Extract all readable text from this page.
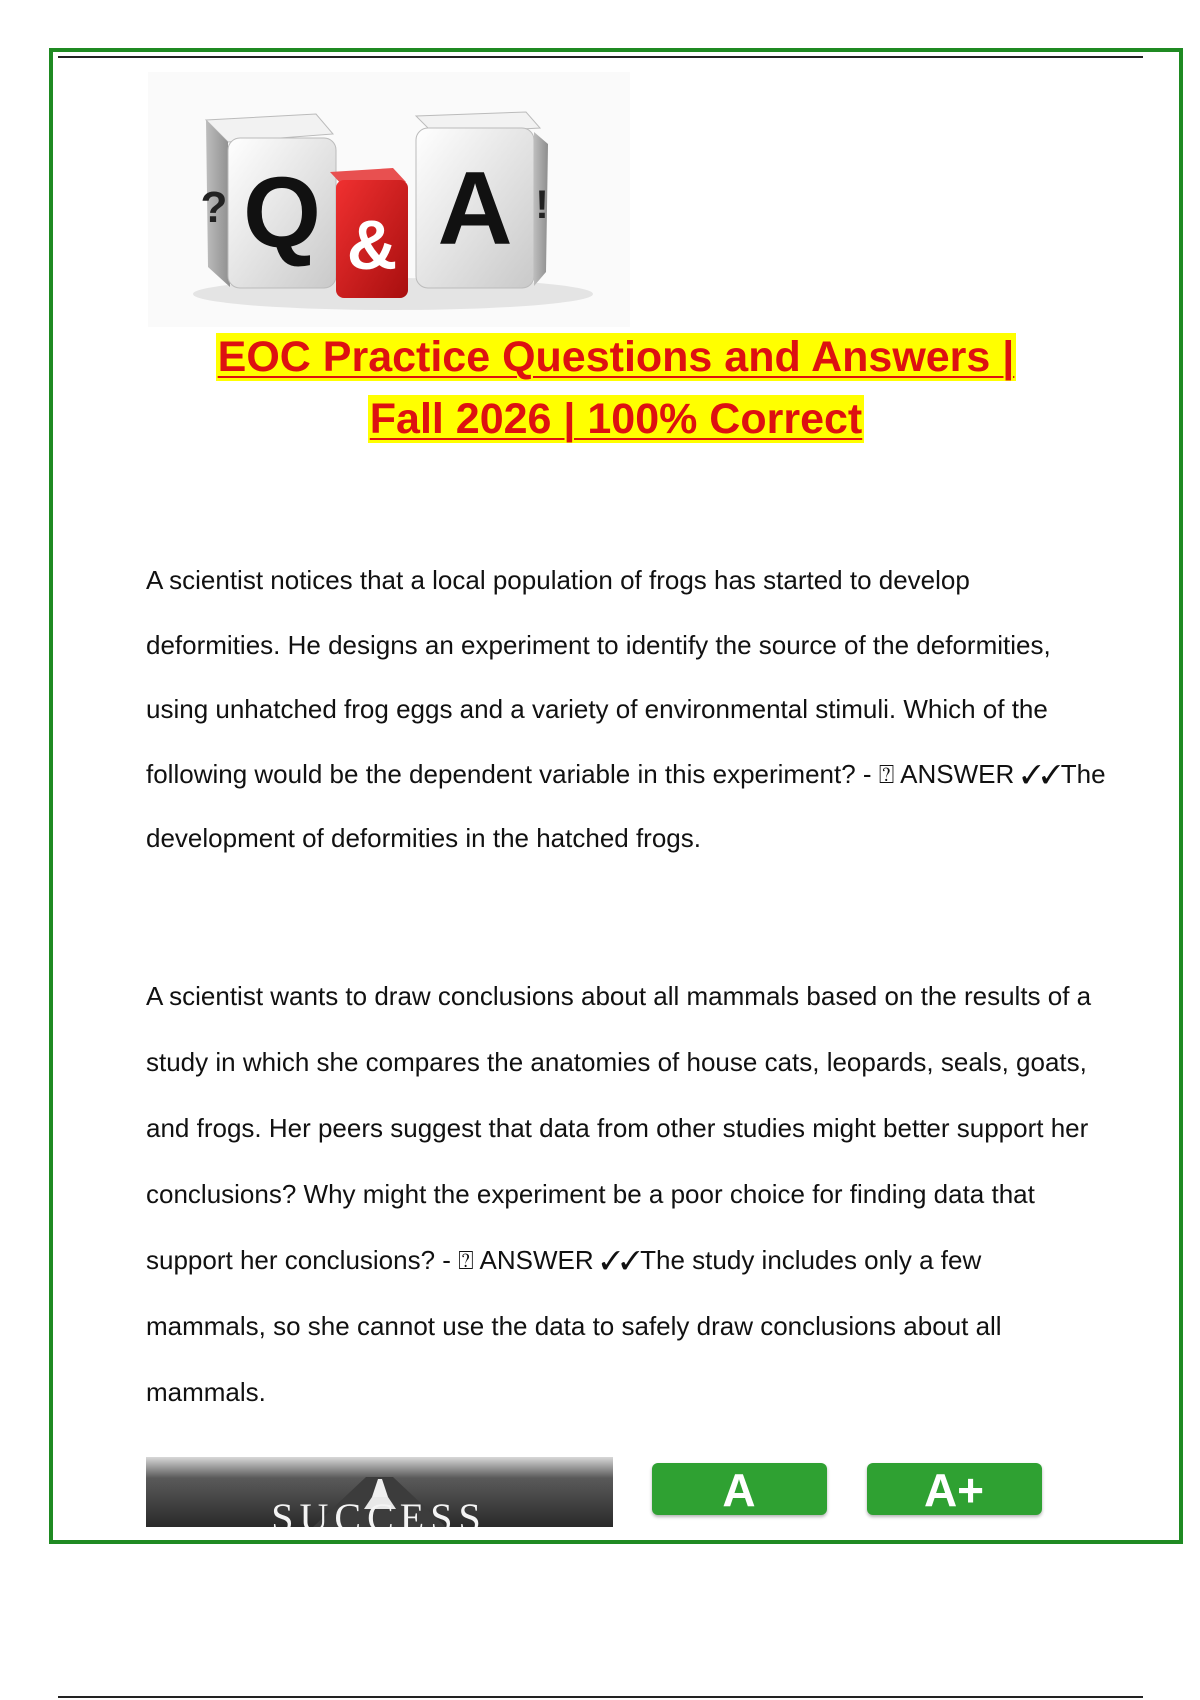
Q
? & A !
EOC Practice Questions and Answers |
Fall 2026 | 100% Correct

A scientist notices that a local population of frogs has started to develop deformities. He designs an experiment to identify the source of the deformities, using unhatched frog eggs and a variety of environmental stimuli. Which of the following would be the dependent variable in this experiment? - ⍰ ANSWER ✓✓The development of deformities in the hatched frogs.

A scientist wants to draw conclusions about all mammals based on the results of a study in which she compares the anatomies of house cats, leopards, seals, goats, and frogs. Her peers suggest that data from other studies might better support her conclusions? Why might the experiment be a poor choice for finding data that support her conclusions? - ⍰ ANSWER ✓✓The study includes only a few mammals, so she cannot use the data to safely draw conclusions about all mammals.

SUCCESS
A	A+
